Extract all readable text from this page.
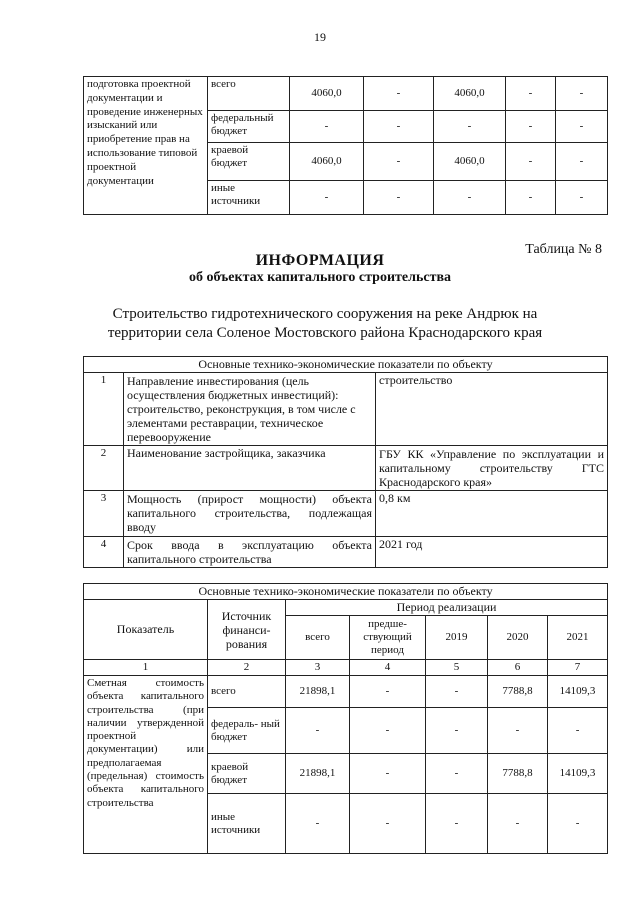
19
подготовка проектной документации и проведение инженерных изысканий или приобретение прав на использование типовой проектной документации	всего	4060,0	-	4060,0	-	-
	федеральный бюджет	-	-	-	-	-
	краевой бюджет	4060,0	-	4060,0	-	-
	иные источники	-	-	-	-	-
Таблица № 8
ИНФОРМАЦИЯ
об объектах капитального строительства
Строительство гидротехнического сооружения на реке Андрюк на территории села Соленое Мостовского района Краснодарского края
Основные технико-экономические показатели по объекту		
1	Направление инвестирования (цель осуществления бюджетных инвестиций): строительство, реконструкция, в том числе с элементами реставрации, техническое перевооружение	строительство
2	Наименование застройщика, заказчика	ГБУ КК «Управление по эксплуатации и капитальному строительству ГТС Краснодарского края»
3	Мощность (прирост мощности) объекта капитального строительства, подлежащая вводу	0,8 км
4	Срок ввода в эксплуатацию объекта капитального строительства	2021 год
Основные технико-экономические показатели по объекту						
Показатель	Источник финанси- рования	Период реализации				
		всего	предше- ствующий период	2019	2020	2021
1	2	3	4	5	6	7
Сметная стоимость объекта капитального строительства (при наличии утвержденной проектной документации) или предполагаемая (предельная) стоимость объекта капитального строительства	всего	21898,1	-	-	7788,8	14109,3
	федераль- ный бюджет	-	-	-	-	-
	краевой бюджет	21898,1	-	-	7788,8	14109,3
	иные источники	-	-	-	-	-
